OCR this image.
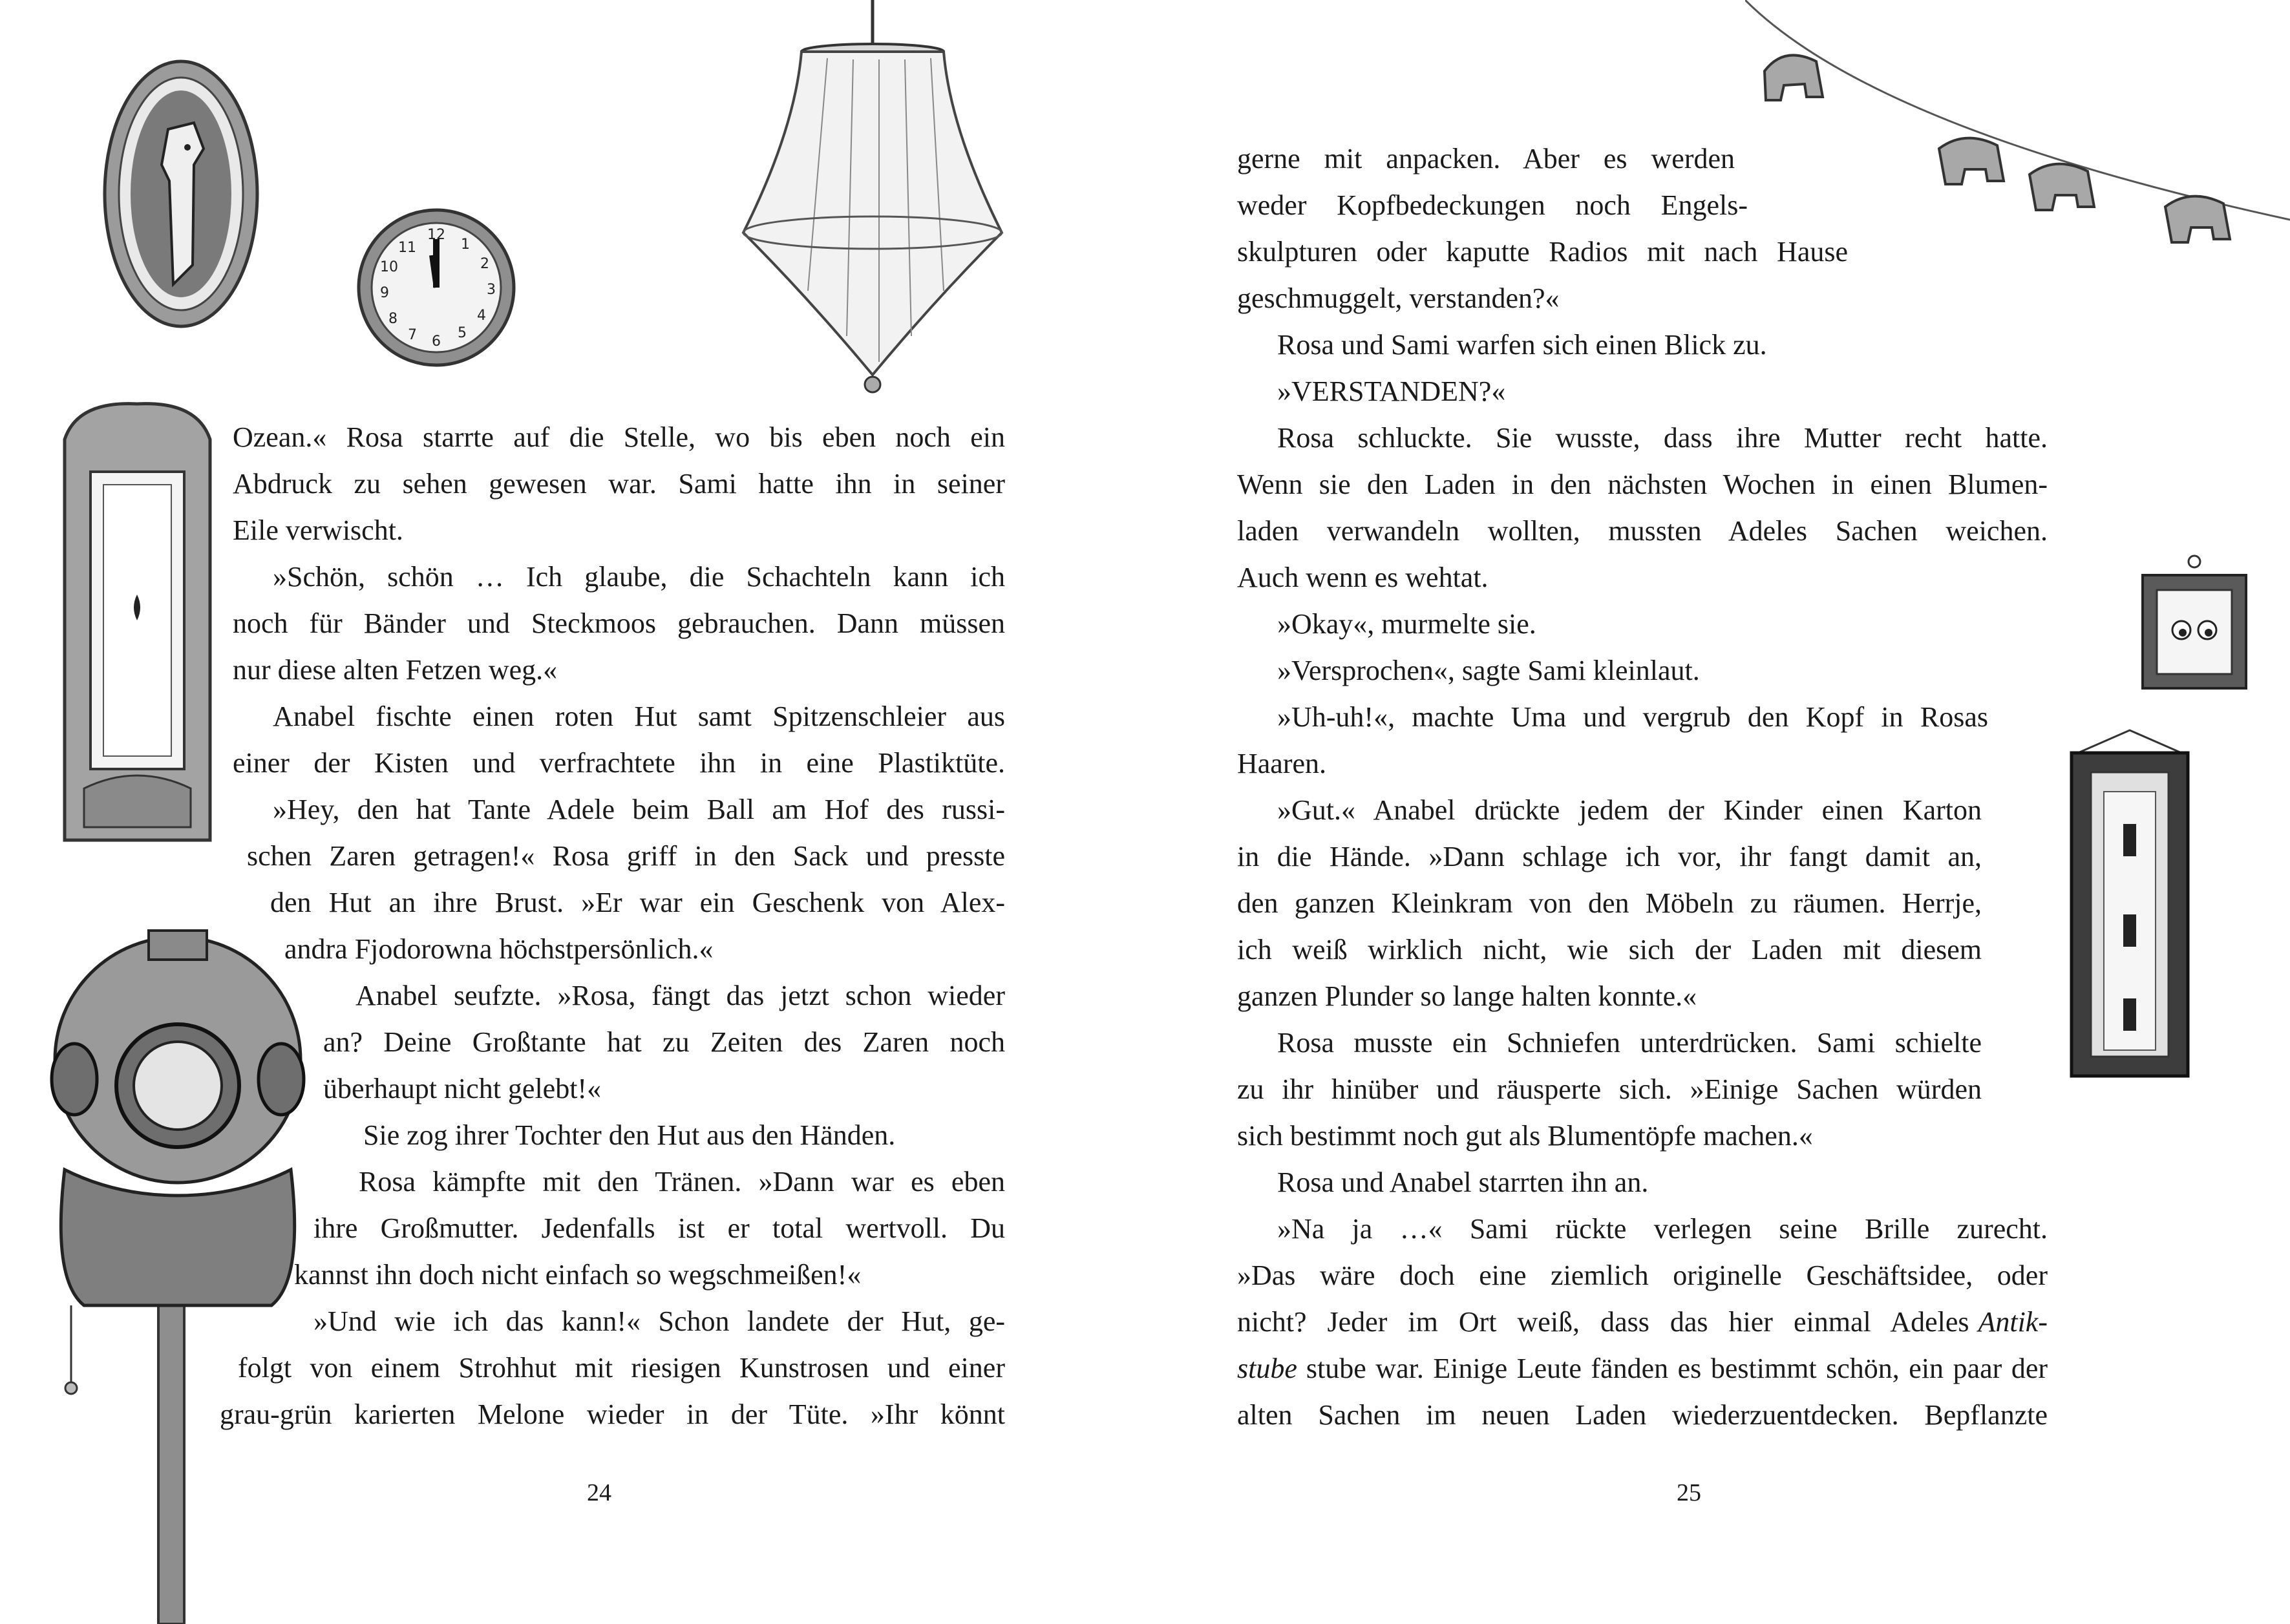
12
1
2
3
4
5
6
7
8
9
10
11

Ozean.« Rosa starrte auf die Stelle, wo bis eben noch ein

Abdruck zu sehen gewesen war. Sami hatte ihn in seiner

Eile verwischt.

»Schön, schön … Ich glaube, die Schachteln kann ich

noch für Bänder und Steckmoos gebrauchen. Dann müssen

nur diese alten Fetzen weg.«

Anabel fischte einen roten Hut samt Spitzenschleier aus

einer der Kisten und verfrachtete ihn in eine Plastiktüte.

»Hey, den hat Tante Adele beim Ball am Hof des russi-

schen Zaren getragen!« Rosa griff in den Sack und presste

den Hut an ihre Brust. »Er war ein Geschenk von Alex-

andra Fjodorowna höchstpersönlich.«

Anabel seufzte. »Rosa, fängt das jetzt schon wieder

an? Deine Großtante hat zu Zeiten des Zaren noch

überhaupt nicht gelebt!«

Sie zog ihrer Tochter den Hut aus den Händen.

Rosa kämpfte mit den Tränen. »Dann war es eben

ihre Großmutter. Jedenfalls ist er total wertvoll. Du

kannst ihn doch nicht einfach so wegschmeißen!«

»Und wie ich das kann!« Schon landete der Hut, ge-

folgt von einem Strohhut mit riesigen Kunstrosen und einer

grau-grün karierten Melone wieder in der Tüte. »Ihr könnt

24

gerne mit anpacken. Aber es werden

weder Kopfbedeckungen noch Engels-

skulpturen oder kaputte Radios mit nach Hause

geschmuggelt, verstanden?«

Rosa und Sami warfen sich einen Blick zu.

»VERSTANDEN?«

Rosa schluckte. Sie wusste, dass ihre Mutter recht hatte.

Wenn sie den Laden in den nächsten Wochen in einen Blumen-

laden verwandeln wollten, mussten Adeles Sachen weichen.

Auch wenn es wehtat.

»Okay«, murmelte sie.

»Versprochen«, sagte Sami kleinlaut.

»Uh-uh!«, machte Uma und vergrub den Kopf in Rosas

Haaren.

»Gut.« Anabel drückte jedem der Kinder einen Karton

in die Hände. »Dann schlage ich vor, ihr fangt damit an,

den ganzen Kleinkram von den Möbeln zu räumen. Herrje,

ich weiß wirklich nicht, wie sich der Laden mit diesem

ganzen Plunder so lange halten konnte.«

Rosa musste ein Schniefen unterdrücken. Sami schielte

zu ihr hinüber und räusperte sich. »Einige Sachen würden

sich bestimmt noch gut als Blumentöpfe machen.«

Rosa und Anabel starrten ihn an.

»Na ja …« Sami rückte verlegen seine Brille zurecht.

»Das wäre doch eine ziemlich originelle Geschäftsidee, oder

nicht? Jeder im Ort weiß, dass das hier einmal Adeles Antik-

stube stube war. Einige Leute fänden es bestimmt schön, ein paar der

alten Sachen im neuen Laden wiederzuentdecken. Bepflanzte

25
